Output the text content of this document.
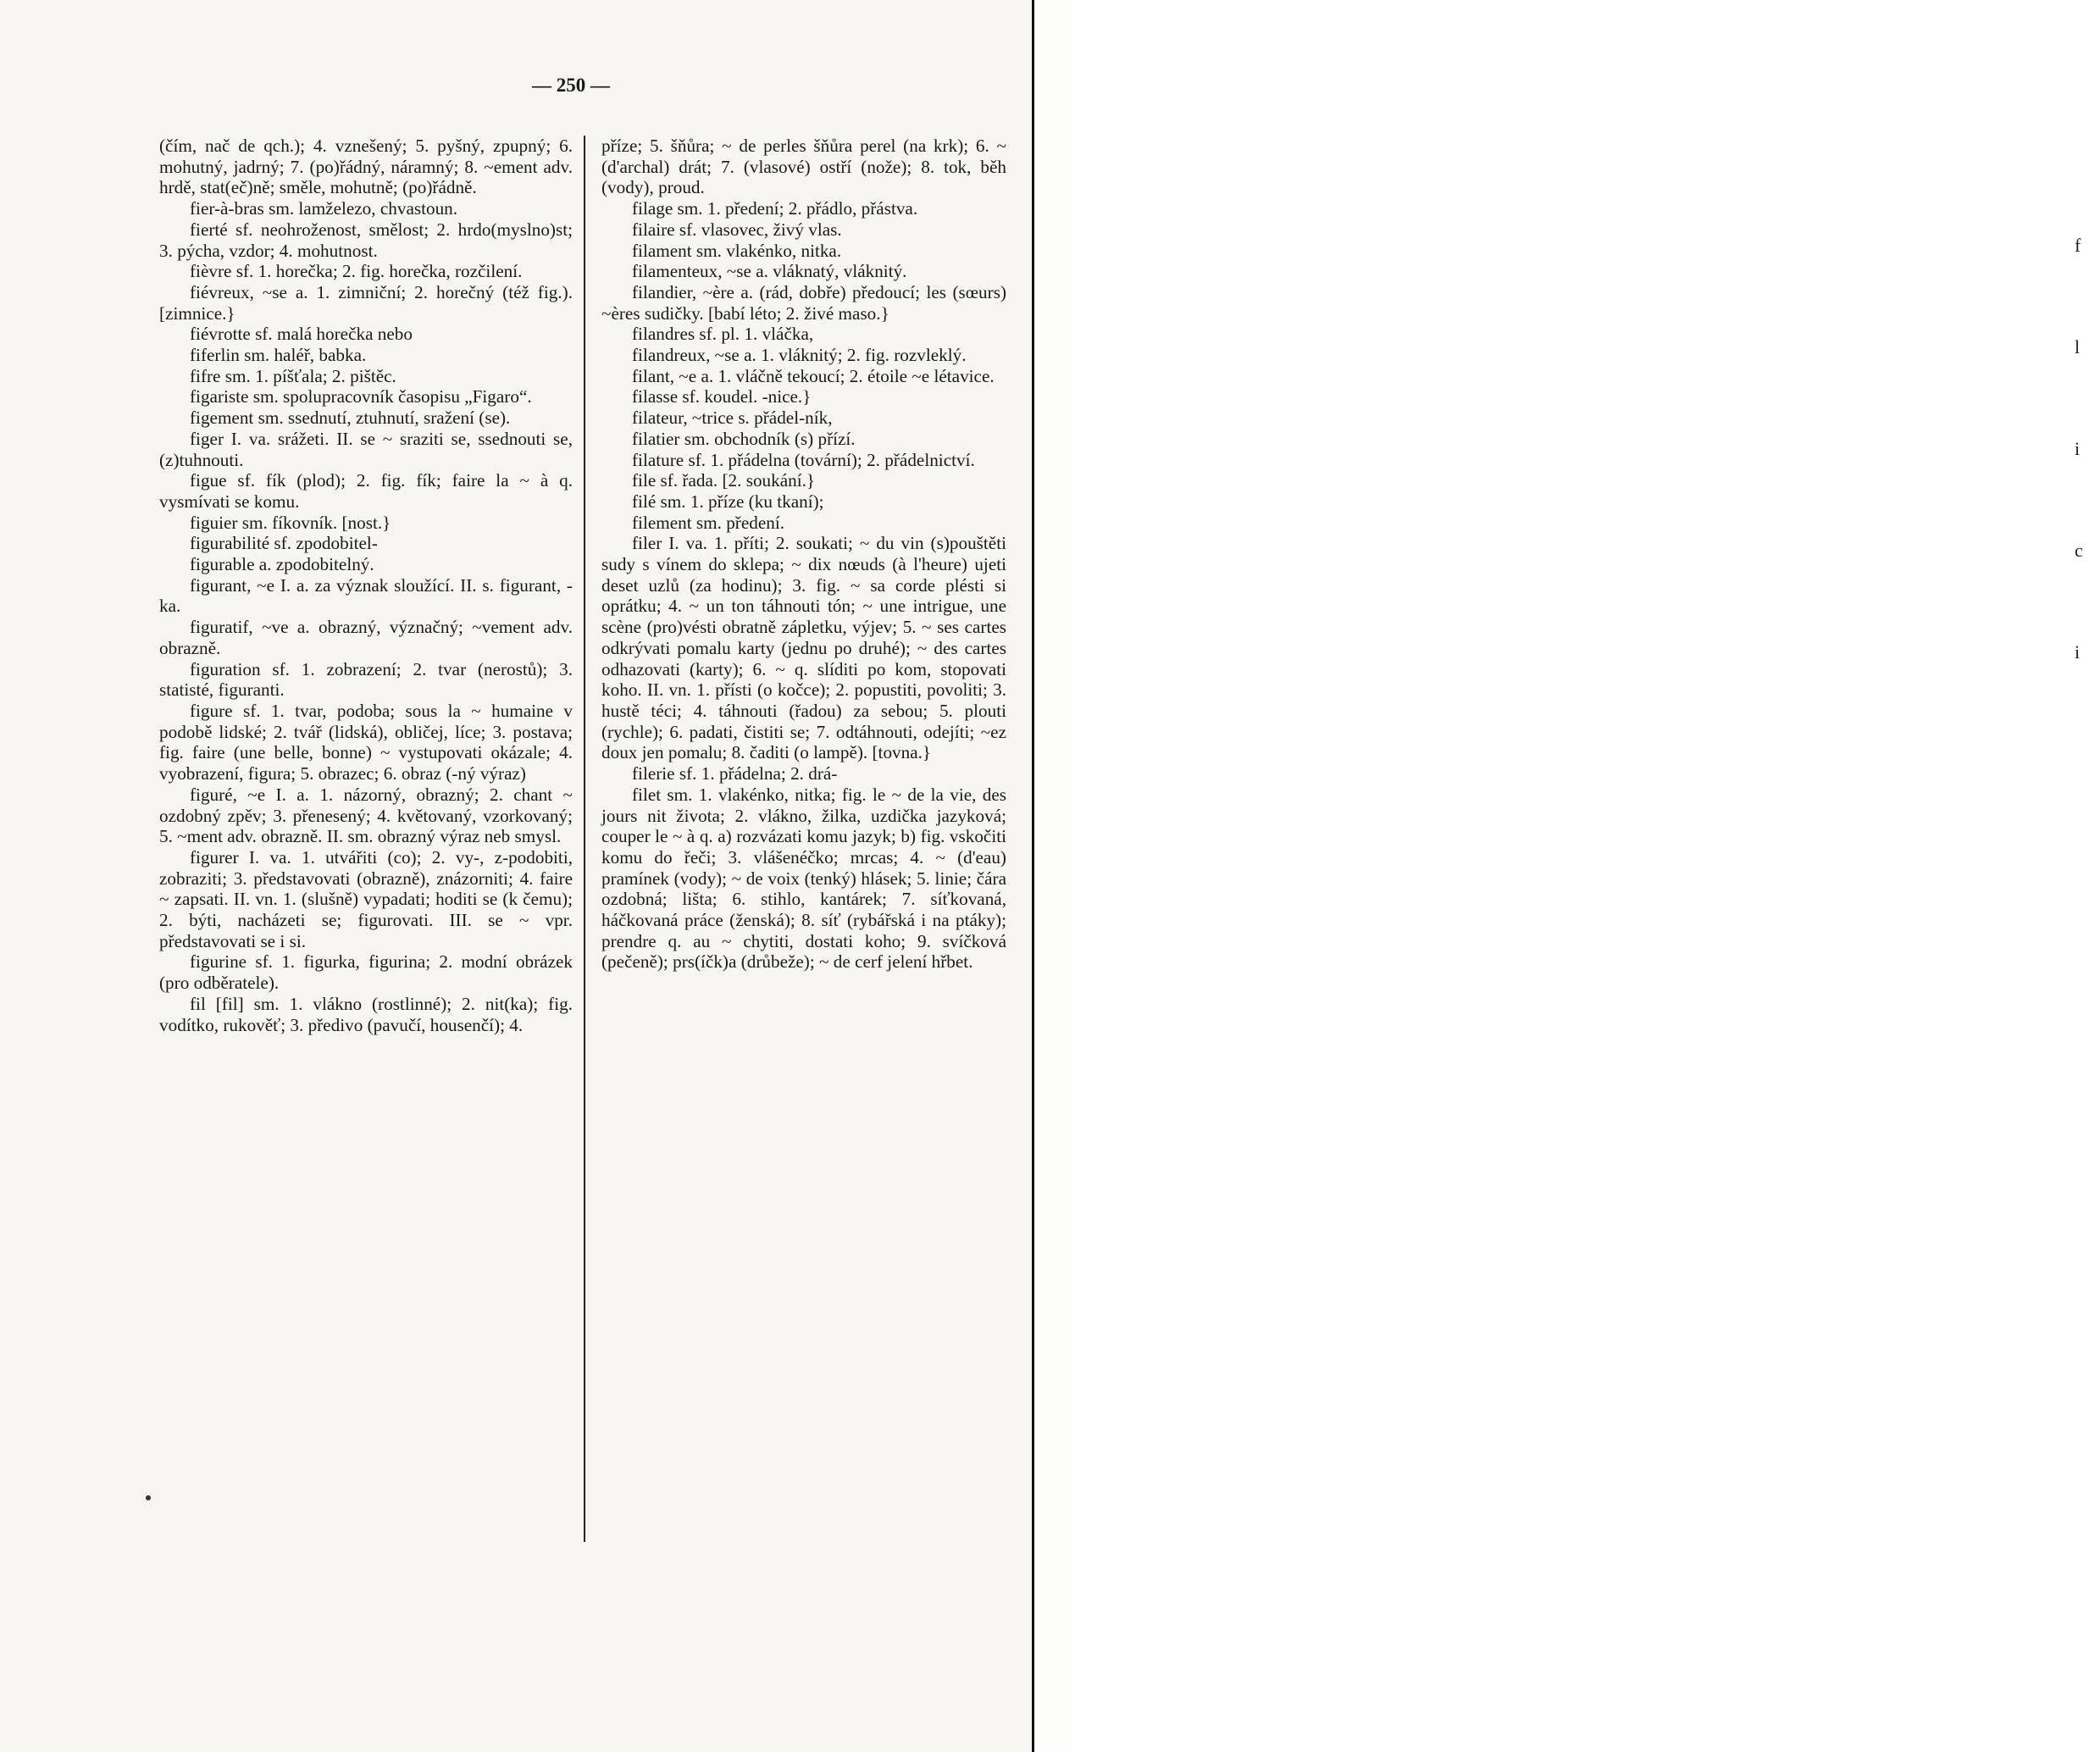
— 250 —

(čím, nač de qch.); 4. vznešený; 5. pyšný, zpupný; 6. mohutný, jadrný; 7. (po)řádný, náramný; 8. ~ement adv. hrdě, stat(eč)ně; směle, mohutně; (po)řádně.

fier-à-bras sm. lamželezo, chvastoun.

fierté sf. neohroženost, smělost; 2. hrdo(myslno)st; 3. pýcha, vzdor; 4. mohutnost.

fièvre sf. 1. horečka; 2. fig. horečka, rozčilení.

fiévreux, ~se a. 1. zimniční; 2. horečný (též fig.). [zimnice.}

fiévrotte sf. malá horečka nebo

fiferlin sm. haléř, babka.

fifre sm. 1. píšťala; 2. pištěc.

figariste sm. spolupracovník časopisu „Figaro“.

figement sm. ssednutí, ztuhnutí, sražení (se).

figer I. va. srážeti. II. se ~ sraziti se, ssednouti se, (z)tuhnouti.

figue sf. fík (plod); 2. fig. fík; faire la ~ à q. vysmívati se komu.

figuier sm. fíkovník. [nost.}

figurabilité sf. zpodobitel-

figurable a. zpodobitelný.

figurant, ~e I. a. za význak sloužící. II. s. figurant, -ka.

figuratif, ~ve a. obrazný, význačný; ~vement adv. obrazně.

figuration sf. 1. zobrazení; 2. tvar (nerostů); 3. statisté, figuranti.

figure sf. 1. tvar, podoba; sous la ~ humaine v podobě lidské; 2. tvář (lidská), obličej, líce; 3. postava; fig. faire (une belle, bonne) ~ vystupovati okázale; 4. vyobrazení, figura; 5. obrazec; 6. obraz (-ný výraz)

figuré, ~e I. a. 1. názorný, obrazný; 2. chant ~ ozdobný zpěv; 3. přenesený; 4. květovaný, vzorkovaný; 5. ~ment adv. obrazně. II. sm. obrazný výraz neb smysl.

figurer I. va. 1. utvářiti (co); 2. vy-, z-podobiti, zobraziti; 3. představovati (obrazně), znázorniti; 4. faire ~ zapsati. II. vn. 1. (slušně) vypadati; hoditi se (k čemu); 2. býti, nacházeti se; figurovati. III. se ~ vpr. představovati se i si.

figurine sf. 1. figurka, figurina; 2. modní obrázek (pro odběratele).

fil [fil] sm. 1. vlákno (rostlinné); 2. nit(ka); fig. vodítko, rukověť; 3. předivo (pavučí, housenčí); 4.

příze; 5. šňůra; ~ de perles šňůra perel (na krk); 6. ~ (d'archal) drát; 7. (vlasové) ostří (nože); 8. tok, běh (vody), proud.

filage sm. 1. předení; 2. přádlo, přástva.

filaire sf. vlasovec, živý vlas.

filament sm. vlakénko, nitka.

filamenteux, ~se a. vláknatý, vláknitý.

filandier, ~ère a. (rád, dobře) předoucí; les (sœurs) ~ères sudičky. [babí léto; 2. živé maso.}

filandres sf. pl. 1. vláčka,

filandreux, ~se a. 1. vláknitý; 2. fig. rozvleklý.

filant, ~e a. 1. vláčně tekoucí; 2. étoile ~e létavice.

filasse sf. koudel. -nice.}

filateur, ~trice s. přádel-ník,

filatier sm. obchodník (s) přízí.

filature sf. 1. přádelna (tovární); 2. přádelnictví.

file sf. řada. [2. soukání.}

filé sm. 1. příze (ku tkaní);

filement sm. předení.

filer I. va. 1. příti; 2. soukati; ~ du vin (s)pouštěti sudy s vínem do sklepa; ~ dix nœuds (à l'heure) ujeti deset uzlů (za hodinu); 3. fig. ~ sa corde plésti si oprátku; 4. ~ un ton táhnouti tón; ~ une intrigue, une scène (pro)vésti obratně zápletku, výjev; 5. ~ ses cartes odkrývati pomalu karty (jednu po druhé); ~ des cartes odhazovati (karty); 6. ~ q. slíditi po kom, stopovati koho. II. vn. 1. přísti (o kočce); 2. popustiti, povoliti; 3. hustě téci; 4. táhnouti (řadou) za sebou; 5. plouti (rychle); 6. padati, čistiti se; 7. odtáhnouti, odejíti; ~ez doux jen pomalu; 8. čaditi (o lampě). [tovna.}

filerie sf. 1. přádelna; 2. drá-

filet sm. 1. vlakénko, nitka; fig. le ~ de la vie, des jours nit života; 2. vlákno, žilka, uzdička jazyková; couper le ~ à q. a) rozvázati komu jazyk; b) fig. vskočiti komu do řeči; 3. vlášenéčko; mrcas; 4. ~ (d'eau) pramínek (vody); ~ de voix (tenký) hlásek; 5. linie; čára ozdobná; lišta; 6. stihlo, kantárek; 7. síťkovaná, háčkovaná práce (ženská); 8. síť (rybářská i na ptáky); prendre q. au ~ chytiti, dostati koho; 9. svíčková (pečeně); prs(íčk)a (drůbeže); ~ de cerf jelení hřbet.

f
l
i
c
i
